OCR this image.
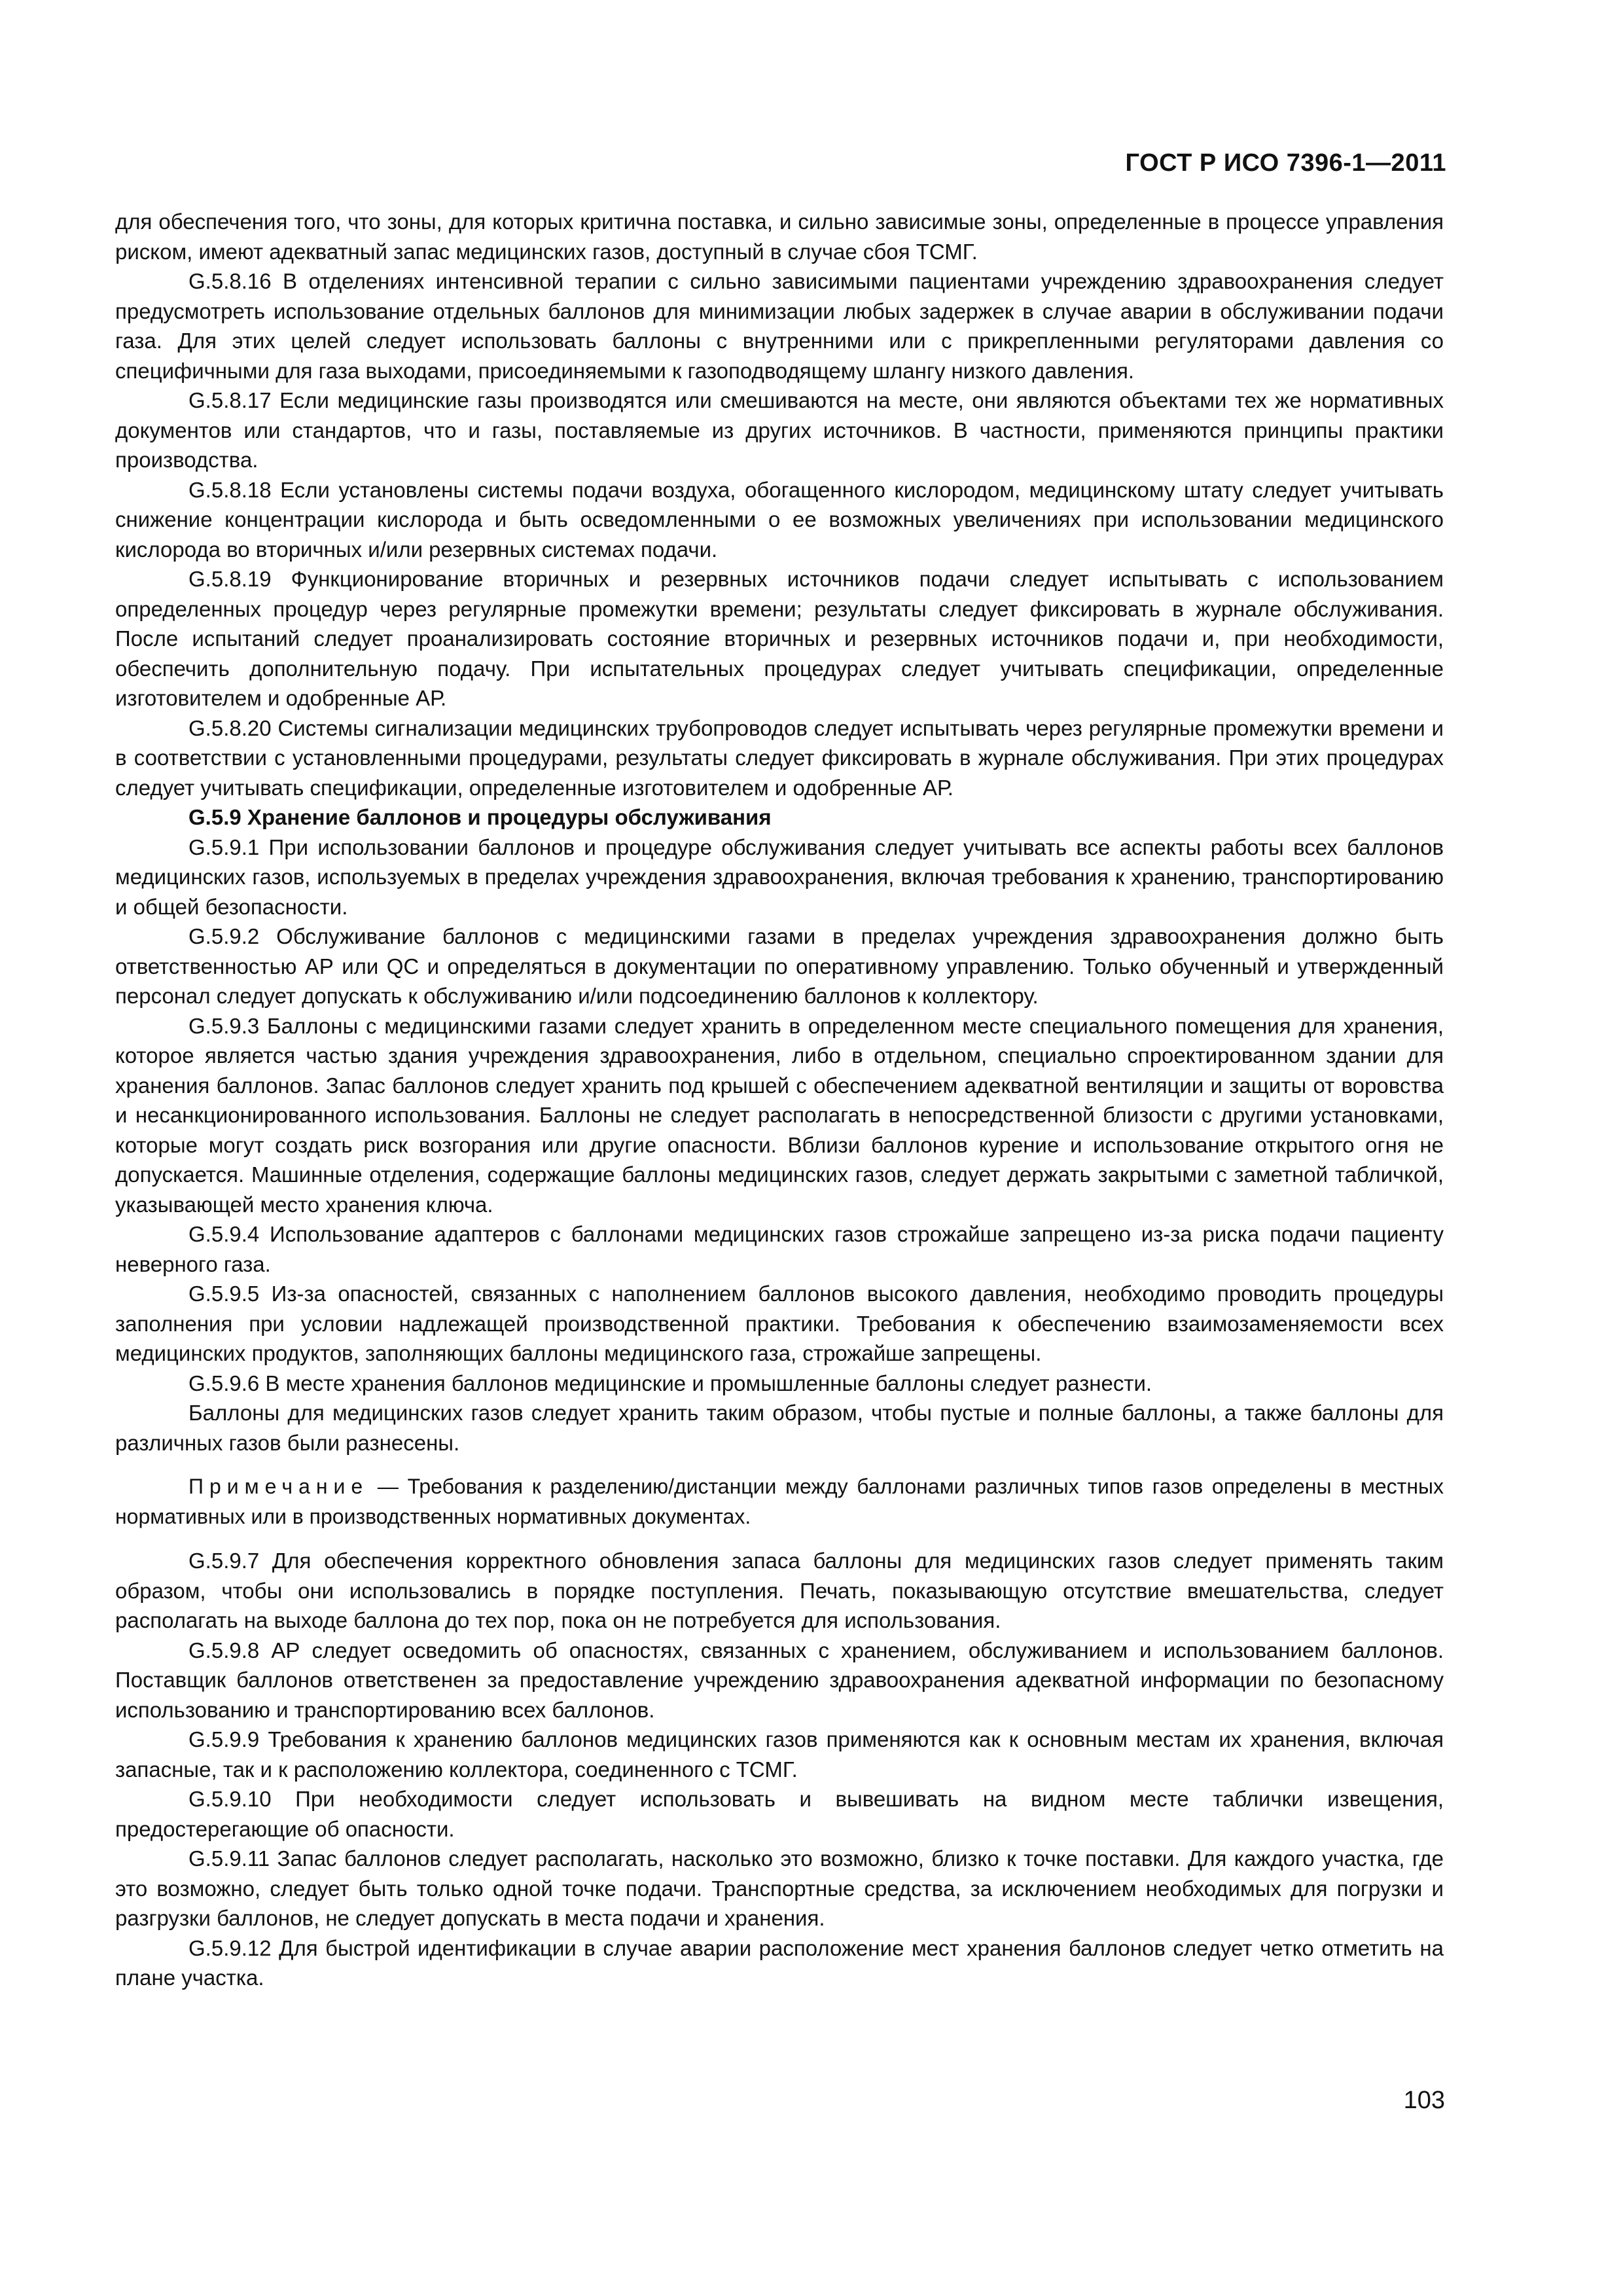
ГОСТ Р ИСО 7396-1—2011

для обеспечения того, что зоны, для которых критична поставка, и сильно зависимые зоны, определенные в процессе управления риском, имеют адекватный запас медицинских газов, доступный в случае сбоя ТСМГ.

G.5.8.16 В отделениях интенсивной терапии с сильно зависимыми пациентами учреждению здравоохранения следует предусмотреть использование отдельных баллонов для минимизации любых задержек в случае аварии в обслуживании подачи газа. Для этих целей следует использовать баллоны с внутренними или с прикрепленными регуляторами давления со специфичными для газа выходами, присоединяемыми к газоподводящему шлангу низкого давления.

G.5.8.17 Если медицинские газы производятся или смешиваются на месте, они являются объектами тех же нормативных документов или стандартов, что и газы, поставляемые из других источников. В частности, применяются принципы практики производства.

G.5.8.18 Если установлены системы подачи воздуха, обогащенного кислородом, медицинскому штату следует учитывать снижение концентрации кислорода и быть осведомленными о ее возможных увеличениях при использовании медицинского кислорода во вторичных и/или резервных системах подачи.

G.5.8.19 Функционирование вторичных и резервных источников подачи следует испытывать с использованием определенных процедур через регулярные промежутки времени; результаты следует фиксировать в журнале обслуживания. После испытаний следует проанализировать состояние вторичных и резервных источников подачи и, при необходимости, обеспечить дополнительную подачу. При испытательных процедурах следует учитывать спецификации, определенные изготовителем и одобренные АР.

G.5.8.20 Системы сигнализации медицинских трубопроводов следует испытывать через регулярные промежутки времени и в соответствии с установленными процедурами, результаты следует фиксировать в журнале обслуживания. При этих процедурах следует учитывать спецификации, определенные изготовителем и одобренные АР.

G.5.9 Хранение баллонов и процедуры обслуживания

G.5.9.1 При использовании баллонов и процедуре обслуживания следует учитывать все аспекты работы всех баллонов медицинских газов, используемых в пределах учреждения здравоохранения, включая требования к хранению, транспортированию и общей безопасности.

G.5.9.2 Обслуживание баллонов с медицинскими газами в пределах учреждения здравоохранения должно быть ответственностью АР или QC и определяться в документации по оперативному управлению. Только обученный и утвержденный персонал следует допускать к обслуживанию и/или подсоединению баллонов к коллектору.

G.5.9.3 Баллоны с медицинскими газами следует хранить в определенном месте специального помещения для хранения, которое является частью здания учреждения здравоохранения, либо в отдельном, специально спроектированном здании для хранения баллонов. Запас баллонов следует хранить под крышей с обеспечением адекватной вентиляции и защиты от воровства и несанкционированного использования. Баллоны не следует располагать в непосредственной близости с другими установками, которые могут создать риск возгорания или другие опасности. Вблизи баллонов курение и использование открытого огня не допускается. Машинные отделения, содержащие баллоны медицинских газов, следует держать закрытыми с заметной табличкой, указывающей место хранения ключа.

G.5.9.4 Использование адаптеров с баллонами медицинских газов строжайше запрещено из-за риска подачи пациенту неверного газа.

G.5.9.5 Из-за опасностей, связанных с наполнением баллонов высокого давления, необходимо проводить процедуры заполнения при условии надлежащей производственной практики. Требования к обеспечению взаимозаменяемости всех медицинских продуктов, заполняющих баллоны медицинского газа, строжайше запрещены.

G.5.9.6 В месте хранения баллонов медицинские и промышленные баллоны следует разнести.

Баллоны для медицинских газов следует хранить таким образом, чтобы пустые и полные баллоны, а также баллоны для различных газов были разнесены.

Примечание — Требования к разделению/дистанции между баллонами различных типов газов определены в местных нормативных или в производственных нормативных документах.

G.5.9.7 Для обеспечения корректного обновления запаса баллоны для медицинских газов следует применять таким образом, чтобы они использовались в порядке поступления. Печать, показывающую отсутствие вмешательства, следует располагать на выходе баллона до тех пор, пока он не потребуется для использования.

G.5.9.8 АР следует осведомить об опасностях, связанных с хранением, обслуживанием и использованием баллонов. Поставщик баллонов ответственен за предоставление учреждению здравоохранения адекватной информации по безопасному использованию и транспортированию всех баллонов.

G.5.9.9 Требования к хранению баллонов медицинских газов применяются как к основным местам их хранения, включая запасные, так и к расположению коллектора, соединенного с ТСМГ.

G.5.9.10 При необходимости следует использовать и вывешивать на видном месте таблички извещения, предостерегающие об опасности.

G.5.9.11 Запас баллонов следует располагать, насколько это возможно, близко к точке поставки. Для каждого участка, где это возможно, следует быть только одной точке подачи. Транспортные средства, за исключением необходимых для погрузки и разгрузки баллонов, не следует допускать в места подачи и хранения.

G.5.9.12 Для быстрой идентификации в случае аварии расположение мест хранения баллонов следует четко отметить на плане участка.

103
